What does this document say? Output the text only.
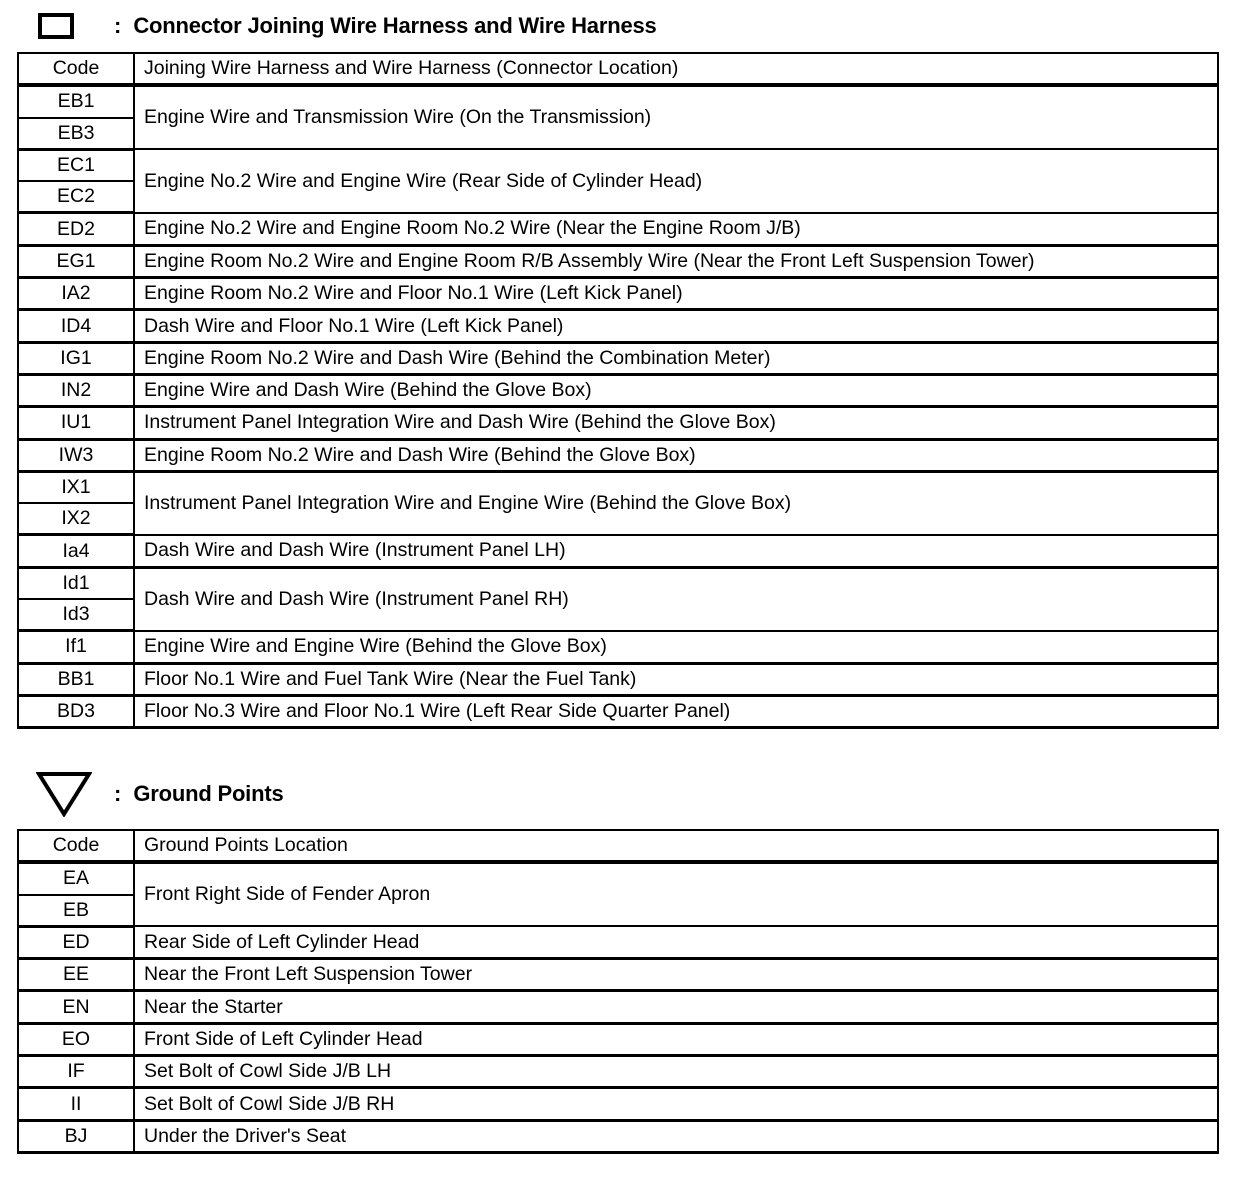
: Connector Joining Wire Harness and Wire Harness
Code	Joining Wire Harness and Wire Harness (Connector Location)
EB1	Engine Wire and Transmission Wire (On the Transmission)
EB3	
EC1	Engine No.2 Wire and Engine Wire (Rear Side of Cylinder Head)
EC2	
ED2	Engine No.2 Wire and Engine Room No.2 Wire (Near the Engine Room J/B)
EG1	Engine Room No.2 Wire and Engine Room R/B Assembly Wire (Near the Front Left Suspension Tower)
IA2	Engine Room No.2 Wire and Floor No.1 Wire (Left Kick Panel)
ID4	Dash Wire and Floor No.1 Wire (Left Kick Panel)
IG1	Engine Room No.2 Wire and Dash Wire (Behind the Combination Meter)
IN2	Engine Wire and Dash Wire (Behind the Glove Box)
IU1	Instrument Panel Integration Wire and Dash Wire (Behind the Glove Box)
IW3	Engine Room No.2 Wire and Dash Wire (Behind the Glove Box)
IX1	Instrument Panel Integration Wire and Engine Wire (Behind the Glove Box)
IX2	
Ia4	Dash Wire and Dash Wire (Instrument Panel LH)
Id1	Dash Wire and Dash Wire (Instrument Panel RH)
Id3	
If1	Engine Wire and Engine Wire (Behind the Glove Box)
BB1	Floor No.1 Wire and Fuel Tank Wire (Near the Fuel Tank)
BD3	Floor No.3 Wire and Floor No.1 Wire (Left Rear Side Quarter Panel)
: Ground Points
Code	Ground Points Location
EA	Front Right Side of Fender Apron
EB	
ED	Rear Side of Left Cylinder Head
EE	Near the Front Left Suspension Tower
EN	Near the Starter
EO	Front Side of Left Cylinder Head
IF	Set Bolt of Cowl Side J/B LH
II	Set Bolt of Cowl Side J/B RH
BJ	Under the Driver's Seat
